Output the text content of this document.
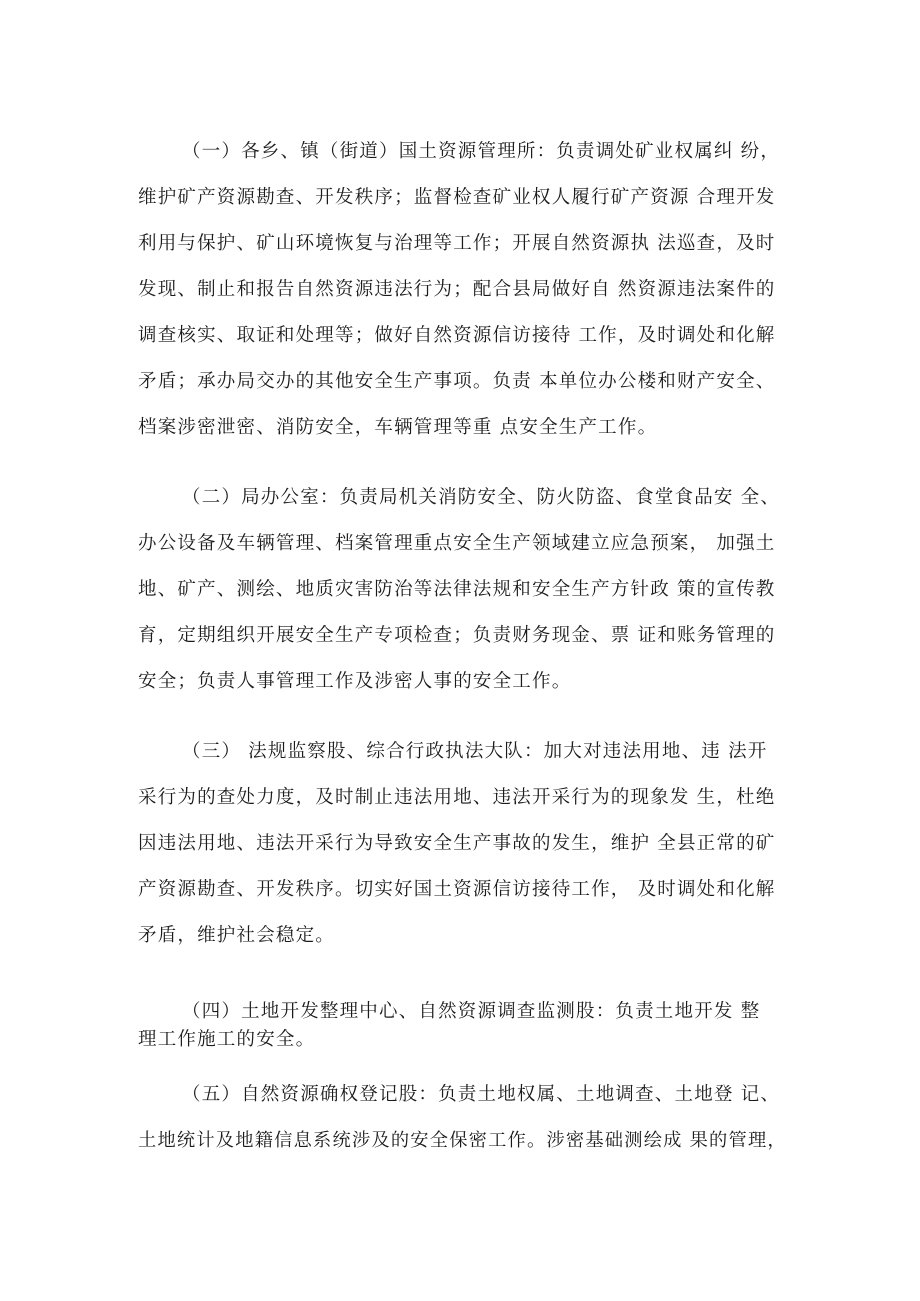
（一）各乡、镇（街道）国土资源管理所：负责调处矿业权属纠 纷，
维护矿产资源勘查、开发秩序；监督检查矿业权人履行矿产资源 合理开发
利用与保护、矿山环境恢复与治理等工作；开展自然资源执 法巡查，及时
发现、制止和报告自然资源违法行为；配合县局做好自 然资源违法案件的
调查核实、取证和处理等；做好自然资源信访接待 工作，及时调处和化解
矛盾；承办局交办的其他安全生产事项。负责 本单位办公楼和财产安全、
档案涉密泄密、消防安全，车辆管理等重 点安全生产工作。
（二）局办公室：负责局机关消防安全、防火防盗、食堂食品安 全、
办公设备及车辆管理、档案管理重点安全生产领域建立应急预案， 加强土
地、矿产、测绘、地质灾害防治等法律法规和安全生产方针政 策的宣传教
育，定期组织开展安全生产专项检查；负责财务现金、票 证和账务管理的
安全；负责人事管理工作及涉密人事的安全工作。
（三） 法规监察股、综合行政执法大队：加大对违法用地、违 法开
采行为的查处力度，及时制止违法用地、违法开采行为的现象发 生，杜绝
因违法用地、违法开采行为导致安全生产事故的发生，维护 全县正常的矿
产资源勘查、开发秩序。切实好国土资源信访接待工作， 及时调处和化解
矛盾，维护社会稳定。
（四）土地开发整理中心、自然资源调查监测股：负责土地开发 整
理工作施工的安全。
（五）自然资源确权登记股：负责土地权属、土地调查、土地登 记、
土地统计及地籍信息系统涉及的安全保密工作。涉密基础测绘成 果的管理，
